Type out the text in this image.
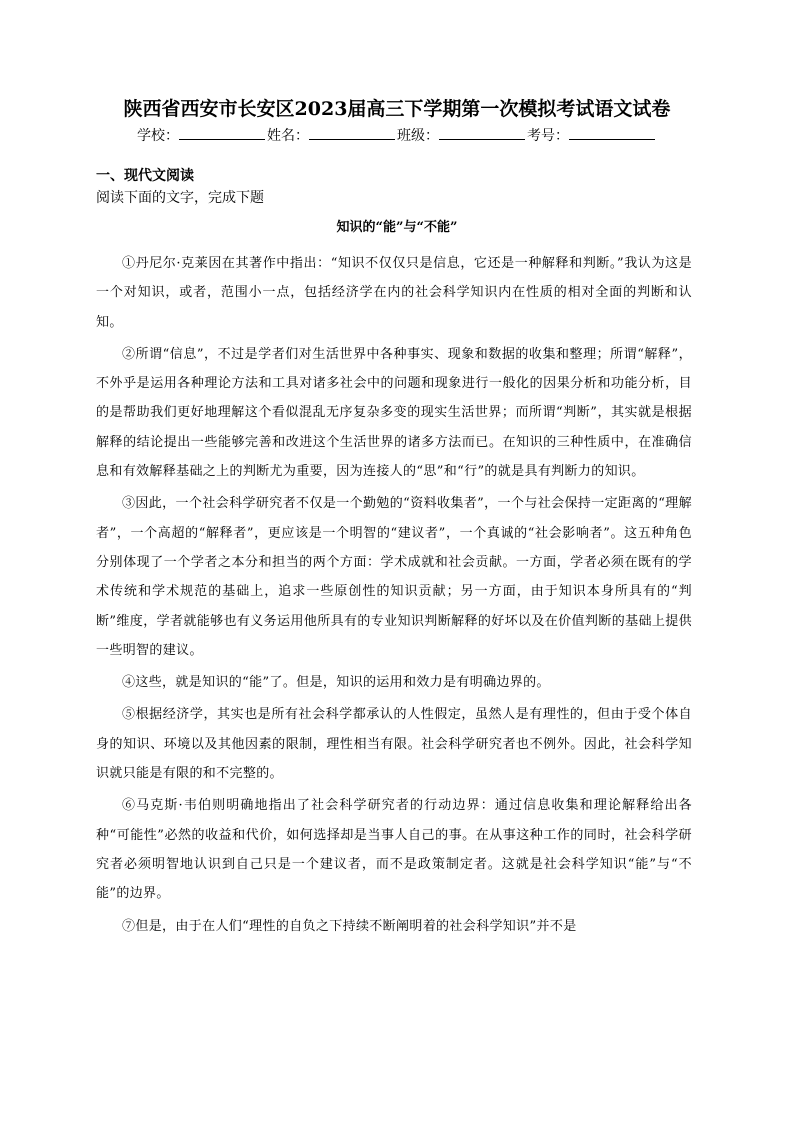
陕西省西安市长安区2023届高三下学期第一次模拟考试语文试卷
学校：	姓名：	班级：	考号：
一、现代文阅读
阅读下面的文字，完成下题
知识的“能”与“不能”

①丹尼尔·克莱因在其著作中指出：“知识不仅仅只是信息，它还是一种解释和判断。”我认为这是一个对知识，或者，范围小一点，包括经济学在内的社会科学知识内在性质的相对全面的判断和认知。

②所谓“信息”，不过是学者们对生活世界中各种事实、现象和数据的收集和整理；所谓“解释”，不外乎是运用各种理论方法和工具对诸多社会中的问题和现象进行一般化的因果分析和功能分析，目的是帮助我们更好地理解这个看似混乱无序复杂多变的现实生活世界；而所谓“判断”，其实就是根据解释的结论提出一些能够完善和改进这个生活世界的诸多方法而已。在知识的三种性质中，在准确信息和有效解释基础之上的判断尤为重要，因为连接人的“思”和“行”的就是具有判断力的知识。

③因此，一个社会科学研究者不仅是一个勤勉的“资料收集者”，一个与社会保持一定距离的“理解者”，一个高超的“解释者”，更应该是一个明智的“建议者”，一个真诚的“社会影响者”。这五种角色分别体现了一个学者之本分和担当的两个方面：学术成就和社会贡献。一方面，学者必须在既有的学术传统和学术规范的基础上，追求一些原创性的知识贡献；另一方面，由于知识本身所具有的“判断”维度，学者就能够也有义务运用他所具有的专业知识判断解释的好坏以及在价值判断的基础上提供一些明智的建议。

④这些，就是知识的“能”了。但是，知识的运用和效力是有明确边界的。

⑤根据经济学，其实也是所有社会科学都承认的人性假定，虽然人是有理性的，但由于受个体自身的知识、环境以及其他因素的限制，理性相当有限。社会科学研究者也不例外。因此，社会科学知识就只能是有限的和不完整的。

⑥马克斯·韦伯则明确地指出了社会科学研究者的行动边界：通过信息收集和理论解释给出各种“可能性”必然的收益和代价，如何选择却是当事人自己的事。在从事这种工作的同时，社会科学研究者必须明智地认识到自己只是一个建议者，而不是政策制定者。这就是社会科学知识“能”与“不能”的边界。

⑦但是，由于在人们“理性的自负之下持续不断阐明着的社会科学知识”并不是
